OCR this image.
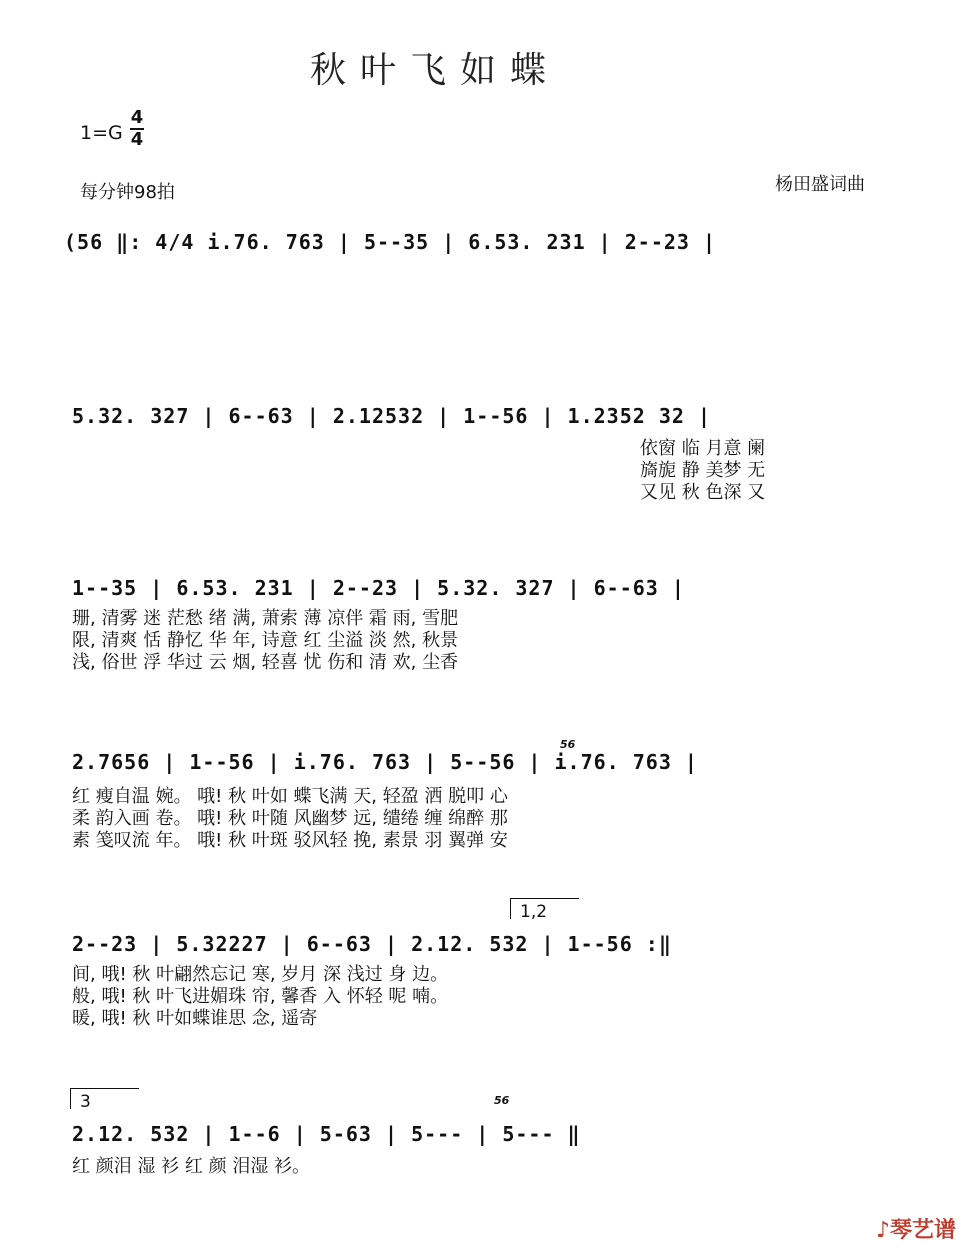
秋叶飞如蝶
1=G
4
4
每分钟98拍	杨田盛词曲
(56 ‖: 4/4 i.76. 763 | 5--35 | 6.53. 231 | 2--23 |
5.32. 327 | 6--63 | 2.12532 | 1--56 | 1.2352 32 |
依窗 临 月意 阑
旖旎 静 美梦 无
又见 秋 色深 又
1--35 | 6.53. 231 | 2--23 | 5.32. 327 | 6--63 |
珊, 清雾 迷 茫愁 绪 满, 萧索 薄 凉伴 霜 雨, 雪肥
限, 清爽 恬 静忆 华 年, 诗意 红 尘溢 淡 然, 秋景
浅, 俗世 浮 华过 云 烟, 轻喜 忧 伤和 清 欢, 尘香
2.7656 | 1--56 | i.76. 763 | 5--56 | i.76. 763 |
56
红 瘦自温 婉。 哦! 秋 叶如 蝶飞满 天, 轻盈 洒 脱叩 心
柔 韵入画 卷。 哦! 秋 叶随 风幽梦 远, 缱绻 缠 绵醉 那
素 笺叹流 年。 哦! 秋 叶斑 驳风轻 挽, 素景 羽 翼弹 安
1,2
2--23 | 5.32227 | 6--63 | 2.12. 532 | 1--56 :‖
间, 哦! 秋 叶翩然忘记 寒, 岁月 深 浅过 身 边。
般, 哦! 秋 叶飞进媚珠 帘, 馨香 入 怀轻 呢 喃。
暖, 哦! 秋 叶如蝶谁思 念, 遥寄
3	56
2.12. 532 | 1--6 | 5-63 | 5--- | 5--- ‖
红 颜泪 湿 衫 红 颜 泪湿 衫。
♪琴艺谱
